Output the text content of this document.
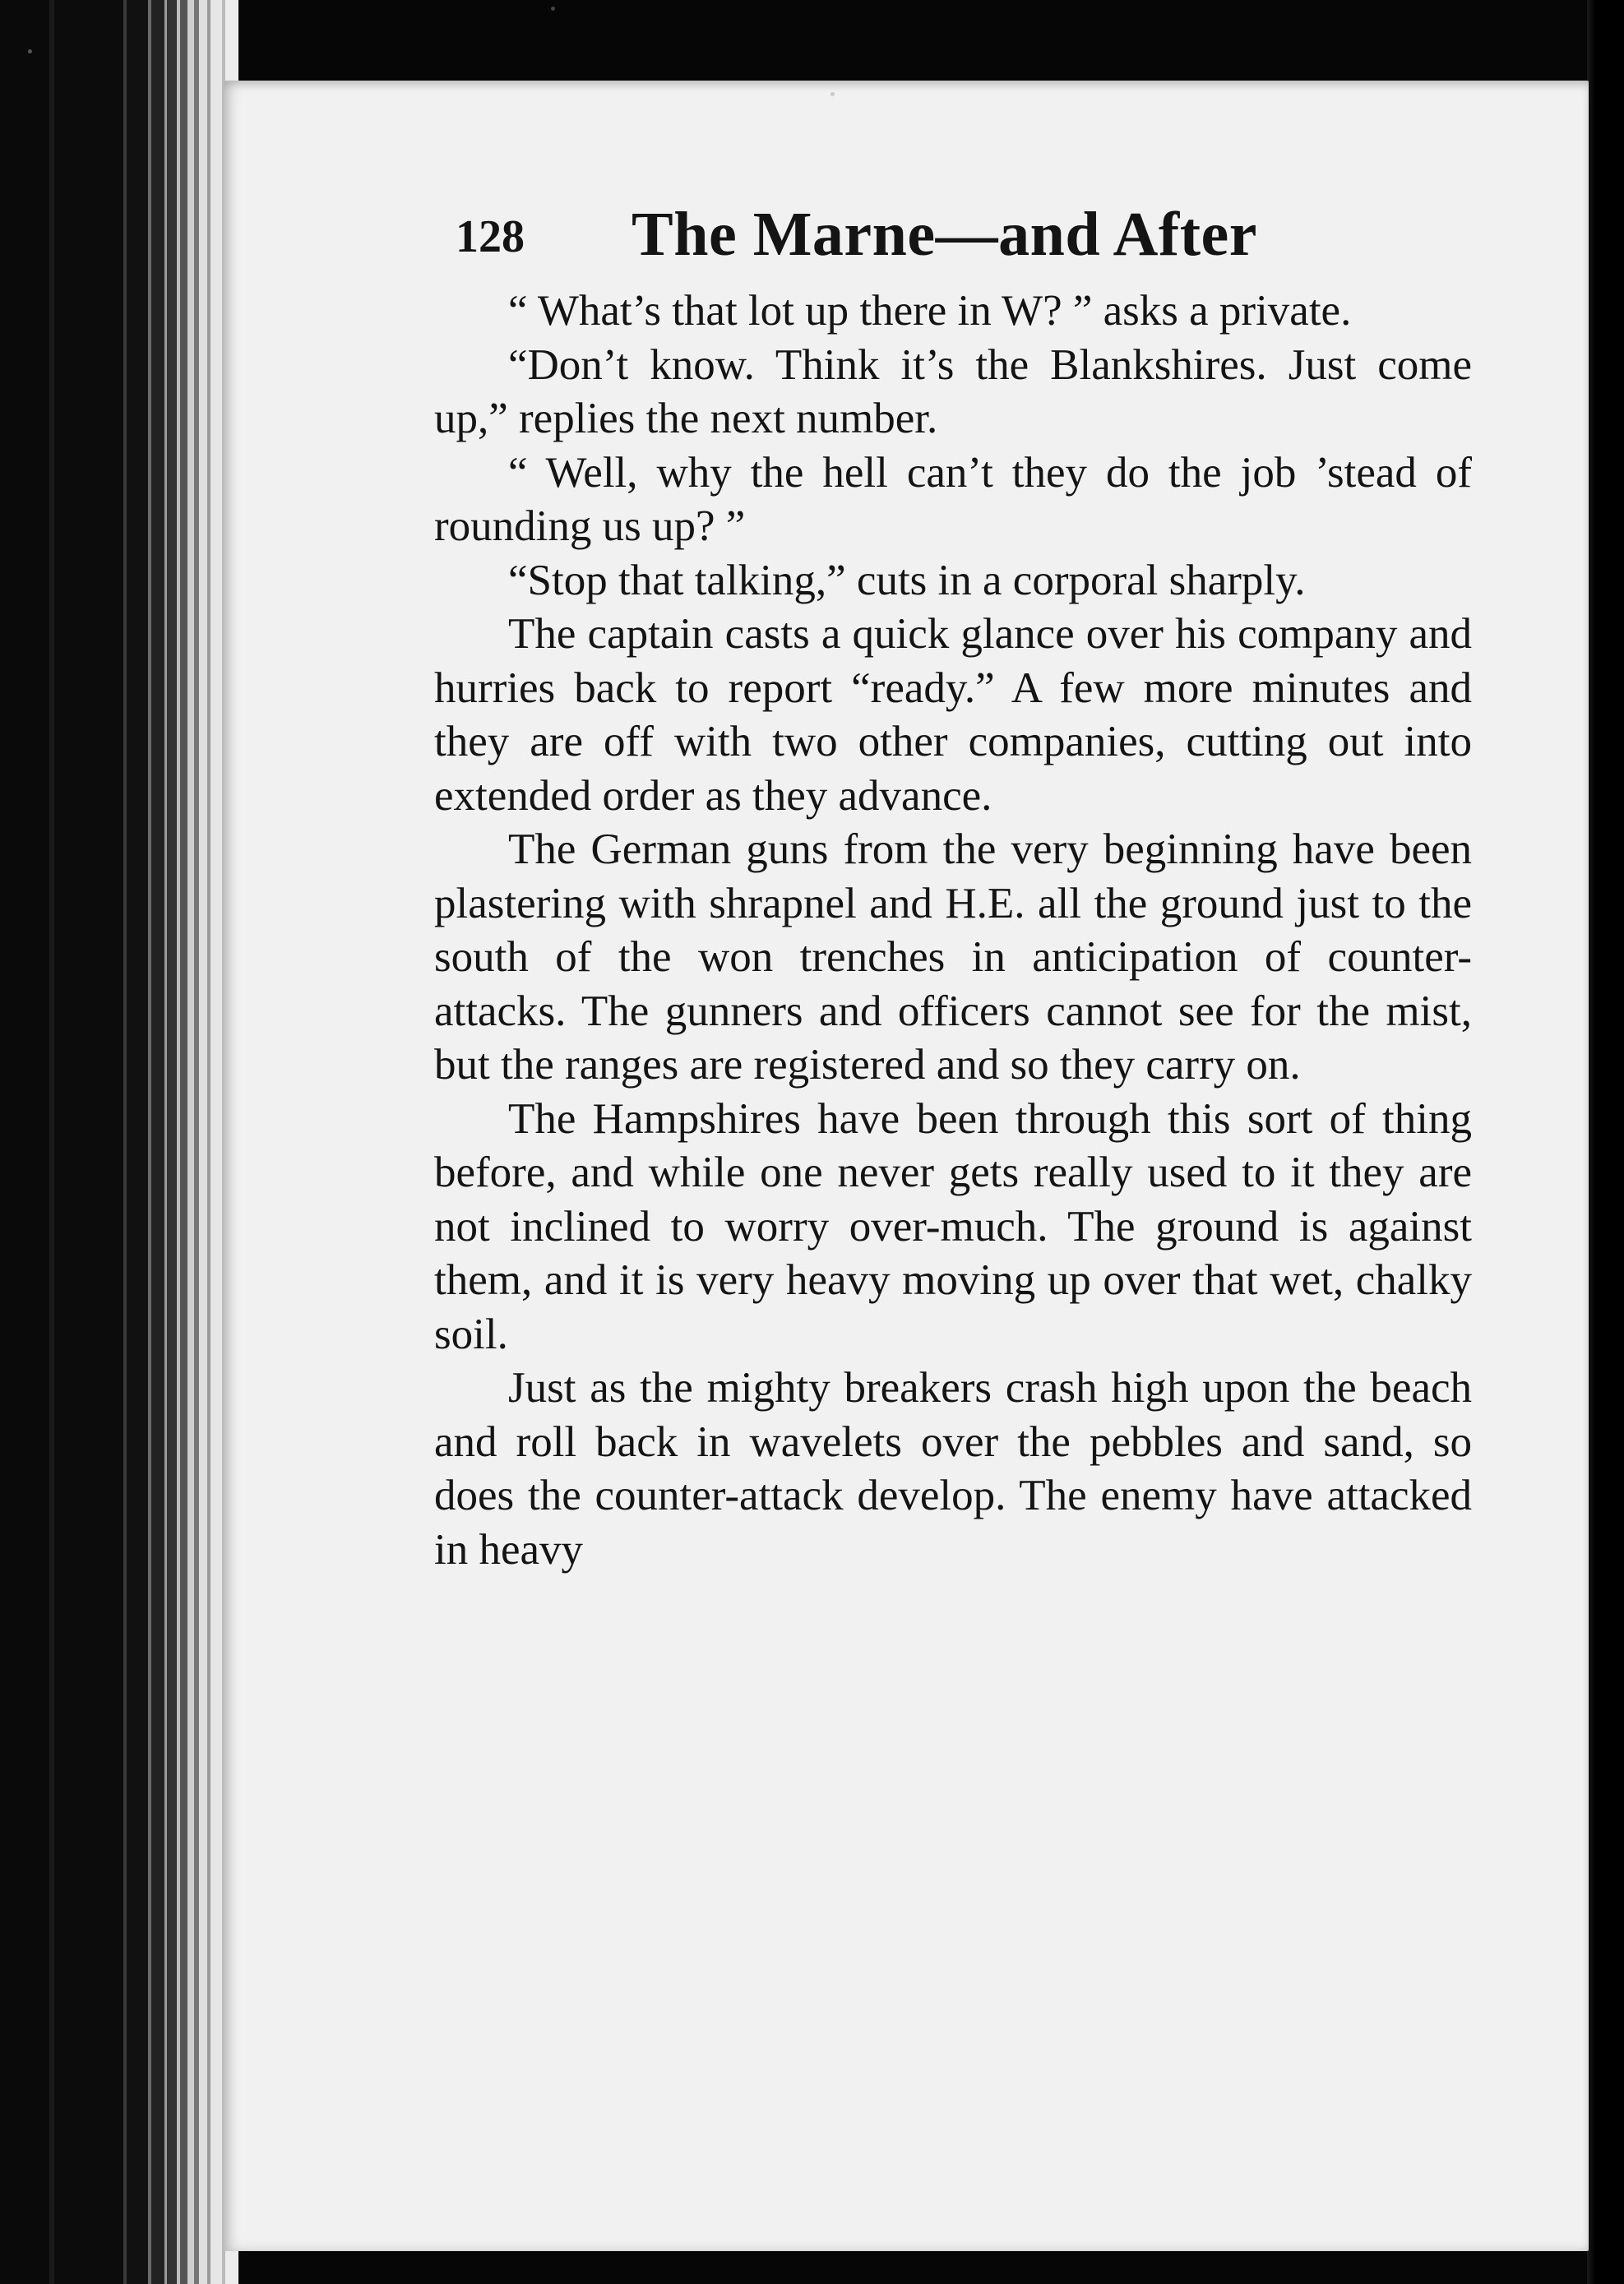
128 The Marne—and After

“ What’s that lot up there in W? ” asks a private.

“Don’t know. Think it’s the Blankshires. Just come up,” replies the next number.

“ Well, why the hell can’t they do the job ’stead of rounding us up? ”

“Stop that talking,” cuts in a corporal sharply.

The captain casts a quick glance over his company and hurries back to report “ready.” A few more minutes and they are off with two other companies, cutting out into extended order as they advance.

The German guns from the very beginning have been plastering with shrapnel and H.E. all the ground just to the south of the won trenches in anticipation of counter-attacks. The gunners and officers cannot see for the mist, but the ranges are registered and so they carry on.

The Hampshires have been through this sort of thing before, and while one never gets really used to it they are not inclined to worry over-much. The ground is against them, and it is very heavy moving up over that wet, chalky soil.

Just as the mighty breakers crash high upon the beach and roll back in wavelets over the pebbles and sand, so does the counter-attack develop. The enemy have attacked in heavy
